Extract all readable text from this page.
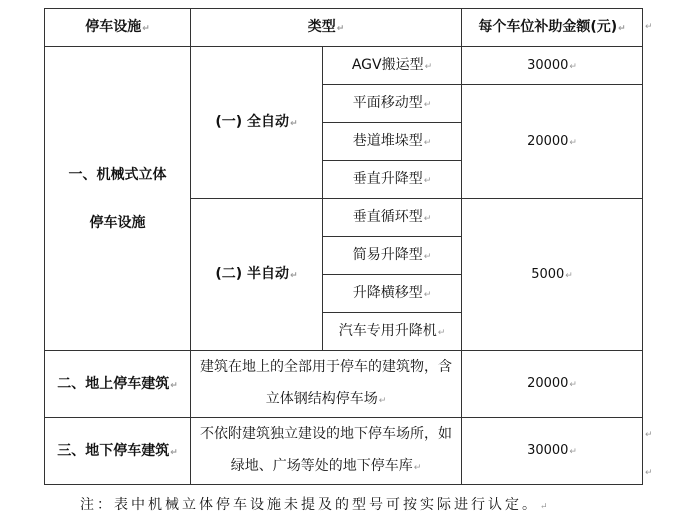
停车设施↵	类型↵		每个车位补助金额(元)↵

一、机械式立体
停车设施	(一) 全自动↵	AGV搬运型↵	30000↵
		平面移动型↵	20000↵
		巷道堆垛型↵	
		垂直升降型↵	
	(二) 半自动↵	垂直循环型↵	5000↵
		简易升降型↵	
		升降横移型↵	
		汽车专用升降机↵	
二、地上停车建筑↵	建筑在地上的全部用于停车的建筑物，含立体钢结构停车场↵		20000↵
三、地下停车建筑↵	不依附建筑独立建设的地下停车场所，如绿地、广场等处的地下停车库↵		30000↵
↵
↵
↵
注：表中机械立体停车设施未提及的型号可按实际进行认定。↵
